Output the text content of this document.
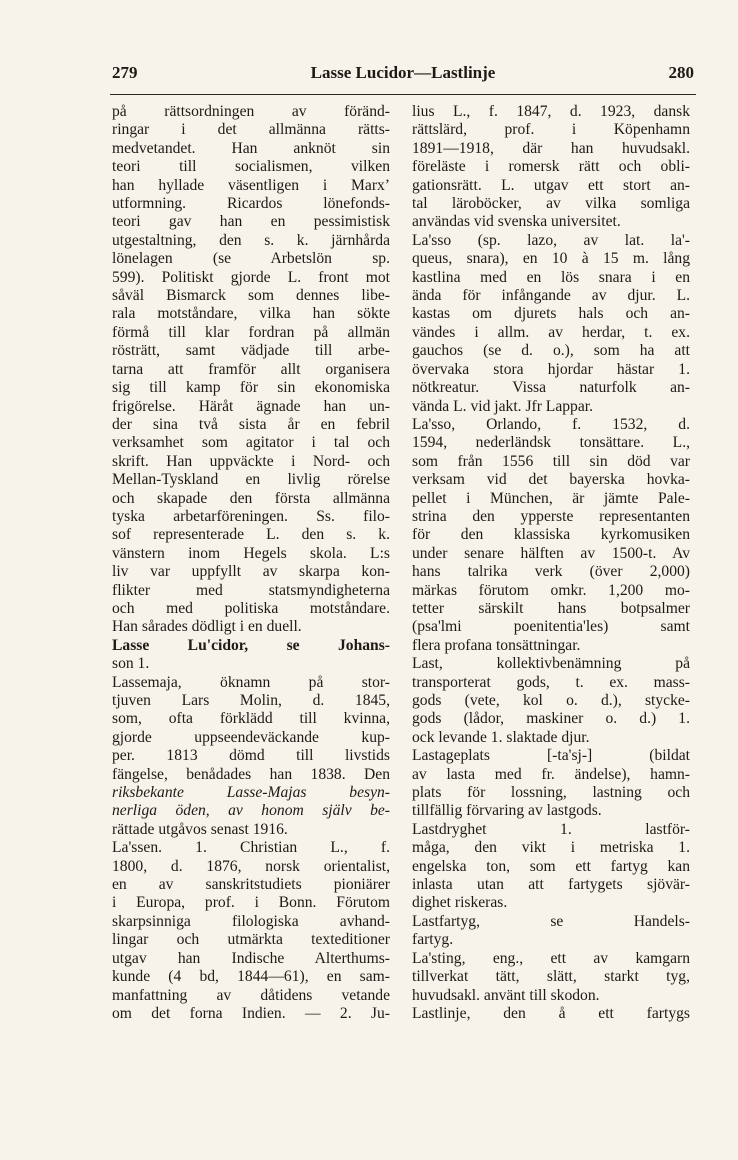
279	Lasse Lucidor—Lastlinje	280
på rättsordningen av föränd-
ringar i det allmänna rätts-
medvetandet. Han anknöt sin
teori till socialismen, vilken
han hyllade väsentligen i Marx’
utformning. Ricardos lönefonds-
teori gav han en pessimistisk
utgestaltning, den s. k. järnhårda
lönelagen (se Arbetslön sp.
599). Politiskt gjorde L. front mot
såväl Bismarck som dennes libe-
rala motståndare, vilka han sökte
förmå till klar fordran på allmän
rösträtt, samt vädjade till arbe-
tarna att framför allt organisera
sig till kamp för sin ekonomiska
frigörelse. Häråt ägnade han un-
der sina två sista år en febril
verksamhet som agitator i tal och
skrift. Han uppväckte i Nord- och
Mellan-Tyskland en livlig rörelse
och skapade den första allmänna
tyska arbetarföreningen. Ss. filo-
sof representerade L. den s. k.
vänstern inom Hegels skola. L:s
liv var uppfyllt av skarpa kon-
flikter med statsmyndigheterna
och med politiska motståndare.
Han sårades dödligt i en duell.
Lasse Lu'cidor, se Johans-
son 1.
Lassemaja, öknamn på stor-
tjuven Lars Molin, d. 1845,
som, ofta förklädd till kvinna,
gjorde uppseendeväckande kup-
per. 1813 dömd till livstids
fängelse, benådades han 1838. Den
riksbekante Lasse-Majas besyn-
nerliga öden, av honom själv be-
rättade utgåvos senast 1916.
La'ssen. 1. Christian L., f.
1800, d. 1876, norsk orientalist,
en av sanskritstudiets pioniärer
i Europa, prof. i Bonn. Förutom
skarpsinniga filologiska avhand-
lingar och utmärkta texteditioner
utgav han Indische Alterthums-
kunde (4 bd, 1844—61), en sam-
manfattning av dåtidens vetande
om det forna Indien. — 2. Ju-
lius L., f. 1847, d. 1923, dansk
rättslärd, prof. i Köpenhamn
1891—1918, där han huvudsakl.
föreläste i romersk rätt och obli-
gationsrätt. L. utgav ett stort an-
tal läroböcker, av vilka somliga
användas vid svenska universitet.
La'sso (sp. lazo, av lat. la'-
queus, snara), en 10 à 15 m. lång
kastlina med en lös snara i en
ända för infångande av djur. L.
kastas om djurets hals och an-
vändes i allm. av herdar, t. ex.
gauchos (se d. o.), som ha att
övervaka stora hjordar hästar 1.
nötkreatur. Vissa naturfolk an-
vända L. vid jakt. Jfr Lappar.
La'sso, Orlando, f. 1532, d.
1594, nederländsk tonsättare. L.,
som från 1556 till sin död var
verksam vid det bayerska hovka-
pellet i München, är jämte Pale-
strina den ypperste representanten
för den klassiska kyrkomusiken
under senare hälften av 1500-t. Av
hans talrika verk (över 2,000)
märkas förutom omkr. 1,200 mo-
tetter särskilt hans botpsalmer
(psa'lmi poenitentia'les) samt
flera profana tonsättningar.
Last, kollektivbenämning på
transporterat gods, t. ex. mass-
gods (vete, kol o. d.), stycke-
gods (lådor, maskiner o. d.) 1.
ock levande 1. slaktade djur.
Lastageplats [-ta'sj-] (bildat
av lasta med fr. ändelse), hamn-
plats för lossning, lastning och
tillfällig förvaring av lastgods.
Lastdryghet 1. lastför-
måga, den vikt i metriska 1.
engelska ton, som ett fartyg kan
inlasta utan att fartygets sjövär-
dighet riskeras.
Lastfartyg, se Handels-
fartyg.
La'sting, eng., ett av kamgarn
tillverkat tätt, slätt, starkt tyg,
huvudsakl. använt till skodon.
Lastlinje, den å ett fartygs
